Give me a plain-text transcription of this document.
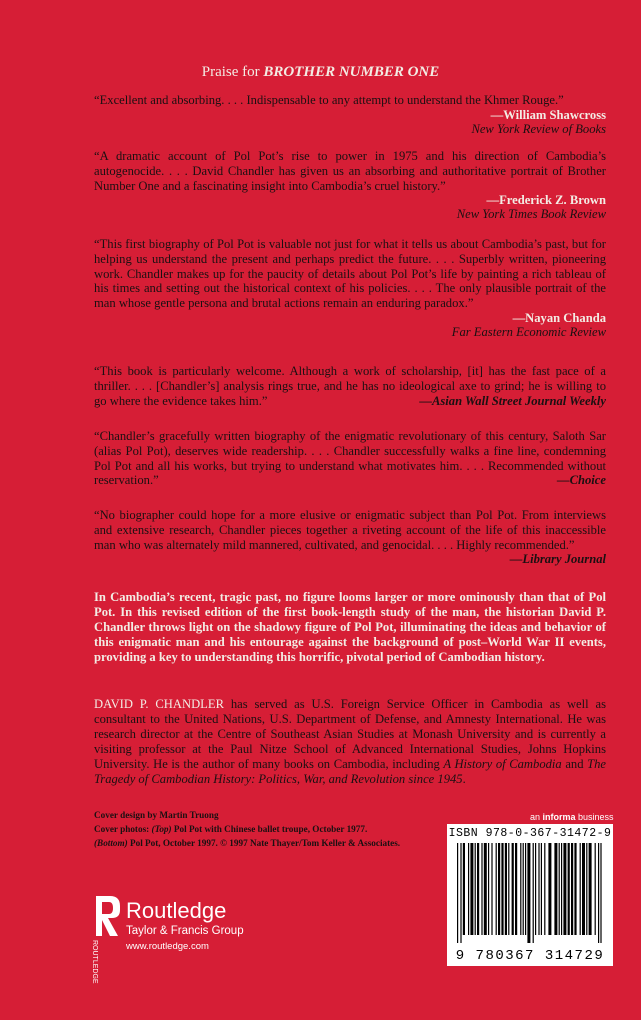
Praise for BROTHER NUMBER ONE
“Excellent and absorbing. . . . Indispensable to any attempt to understand the Khmer Rouge.”
—William Shawcross
New York Review of Books
“A dramatic account of Pol Pot’s rise to power in 1975 and his direction of Cambodia’s autogenocide. . . . David Chandler has given us an absorbing and authoritative portrait of Brother Number One and a fascinating insight into Cambodia’s cruel history.”
—Frederick Z. Brown
New York Times Book Review
“This first biography of Pol Pot is valuable not just for what it tells us about Cambodia’s past, but for helping us understand the present and perhaps predict the future. . . . Superbly written, pioneering work. Chandler makes up for the paucity of details about Pol Pot’s life by painting a rich tableau of his times and setting out the historical context of his policies. . . . The only plausible portrait of the man whose gentle persona and brutal actions remain an enduring paradox.”
—Nayan Chanda
Far Eastern Economic Review
“This book is particularly welcome. Although a work of scholarship, [it] has the fast pace of a thriller. . . . [Chandler’s] analysis rings true, and he has no ideological axe to grind; he is willing to go where the evidence takes him.”	—Asian Wall Street Journal Weekly
“Chandler’s gracefully written biography of the enigmatic revolutionary of this century, Saloth Sar (alias Pol Pot), deserves wide readership. . . . Chandler successfully walks a fine line, condemning Pol Pot and all his works, but trying to understand what motivates him. . . . Recommended without reservation.”	—Choice
“No biographer could hope for a more elusive or enigmatic subject than Pol Pot. From interviews and extensive research, Chandler pieces together a riveting account of the life of this inaccessible man who was alternately mild mannered, cultivated, and genocidal. . . . Highly recommended.”
—Library Journal
In Cambodia’s recent, tragic past, no figure looms larger or more ominously than that of Pol Pot. In this revised edition of the first book-length study of the man, the historian David P. Chandler throws light on the shadowy figure of Pol Pot, illuminating the ideas and behavior of this enigmatic man and his entourage against the background of post–World War II events, providing a key to understanding this horrific, pivotal period of Cambodian history.
DAVID P. CHANDLER has served as U.S. Foreign Service Officer in Cambodia as well as consultant to the United Nations, U.S. Department of Defense, and Amnesty International. He was research director at the Centre of Southeast Asian Studies at Monash University and is currently a visiting professor at the Paul Nitze School of Advanced International Studies, Johns Hopkins University. He is the author of many books on Cambodia, including A History of Cambodia and The Tragedy of Cambodian History: Politics, War, and Revolution since 1945.
Cover design by Martin Truong
Cover photos: (Top) Pol Pot with Chinese ballet troupe, October 1977.
(Bottom) Pol Pot, October 1997. © 1997 Nate Thayer/Tom Keller & Associates.
an informa business
ISBN 978-0-367-31472-9
9 780367 314729
ROUTLEDGE
Routledge
Taylor & Francis Group
www.routledge.com
